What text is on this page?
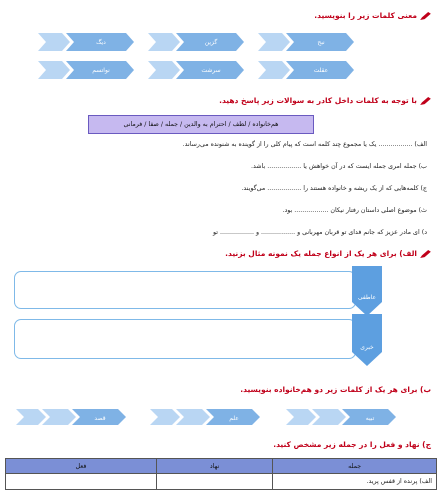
معنی کلمات زیر را بنویسید.
نبح
گزین
دیگ
عقلت
سرشت
نواتسم
با توجه به کلمات داخل کادر به سوالات زیر پاسخ دهید.
هم‌خانواده / لطف / احترام به والدین / جمله / صفا / فرمانی
الف) ................. یک یا مجموع چند کلمه است که پیام کلی را از گوینده به شنونده می‌رساند.
ب) جمله امری جمله ایست که در آن خواهش یا ................. باشد.
ج) کلمه‌هایی که از یک ریشه و خانواده هستند را ................. می‌گویند.
ث) موضوع اصلی داستان رفتار نیکان ................. بود.
د) ای مادر عزیز که جانم فدای تو قربان مهربانی و ................. و ................. تو
الف) برای هر یک از انواع جمله یک نمونه مثال بزنید.
عاطفی
خبری
ب) برای هر یک از کلمات زیر دو هم‌خانواده بنویسید.
تبیه
علم
قصد
ج) نهاد و فعل را در جمله زیر مشخص کنید.
جمله	نهاد	فعل
الف) پرنده از قفس پرید.		
